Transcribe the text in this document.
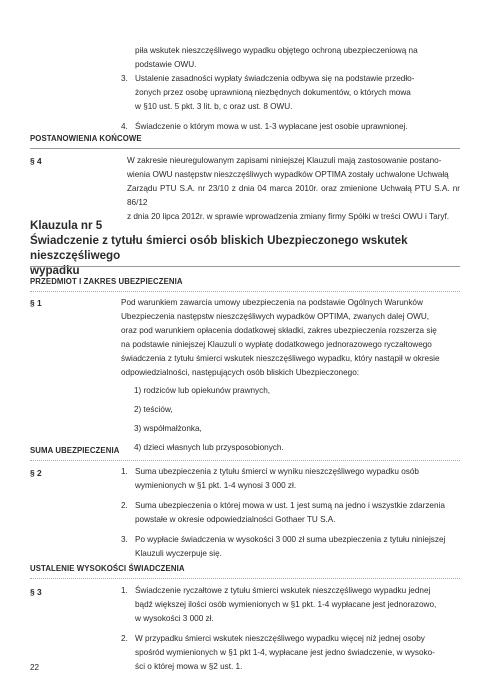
piła wskutek nieszczęśliwego wypadku objętego ochroną ubezpieczeniową na
podstawie OWU.
3. Ustalenie zasadności wypłaty świadczenia odbywa się na podstawie przedło-
żonych przez osobę uprawnioną niezbędnych dokumentów, o których mowa
w §10 ust. 5 pkt. 3 lit. b, c oraz ust. 8 OWU.
4. Świadczenie o którym mowa w ust. 1-3 wypłacane jest osobie uprawnionej.
POSTANOWIENIA KOŃCOWE
§ 4	W zakresie nieuregulowanym zapisami niniejszej Klauzuli mają zastosowanie postano-
wienia OWU następstw nieszczęśliwych wypadków OPTIMA zostały uchwalone Uchwałą
Zarządu PTU S.A. nr 23/10 z dnia 04 marca 2010r. oraz zmienione Uchwałą PTU S.A. nr 86/12
z dnia 20 lipca 2012r. w sprawie wprowadzenia zmiany firmy Spółki w treści OWU i Taryf.
Klauzula nr 5
Świadczenie z tytułu śmierci osób bliskich Ubezpieczonego wskutek nieszczęśliwego
wypadku
PRZEDMIOT I ZAKRES UBEZPIECZENIA
§ 1	Pod warunkiem zawarcia umowy ubezpieczenia na podstawie Ogólnych Warunków
Ubezpieczenia następstw nieszczęśliwych wypadków OPTIMA, zwanych dalej OWU,
oraz pod warunkiem opłacenia dodatkowej składki, zakres ubezpieczenia rozszerza się
na podstawie niniejszej Klauzuli o wypłatę dodatkowego jednorazowego ryczałtowego
świadczenia z tytułu śmierci wskutek nieszczęśliwego wypadku, który nastąpił w okresie
odpowiedzialności, następujących osób bliskich Ubezpieczonego:
1) rodziców lub opiekunów prawnych,
2) teściów,
3) współmałżonka,
4) dzieci własnych lub przysposobionych.
SUMA UBEZPIECZENIA
§ 2	1. Suma ubezpieczenia z tytułu śmierci w wyniku nieszczęśliwego wypadku osób
wymienionych w §1 pkt. 1-4 wynosi 3 000 zł.
2. Suma ubezpieczenia o której mowa w ust. 1 jest sumą na jedno i wszystkie zdarzenia
powstałe w okresie odpowiedzialności Gothaer TU S.A.
3. Po wypłacie świadczenia w wysokości 3 000 zł suma ubezpieczenia z tytułu niniejszej
Klauzuli wyczerpuje się.
USTALENIE WYSOKOŚCI ŚWIADCZENIA
§ 3	1. Świadczenie ryczałtowe z tytułu śmierci wskutek nieszczęśliwego wypadku jednej
bądź większej ilości osób wymienionych w §1 pkt. 1-4 wypłacane jest jednorazowo,
w wysokości 3 000 zł.
2. W przypadku śmierci wskutek nieszczęśliwego wypadku więcej niż jednej osoby
spośród wymienionych w §1 pkt 1-4, wypłacane jest jedno świadczenie, w wysoko-
ści o której mowa w §2 ust. 1.
22
